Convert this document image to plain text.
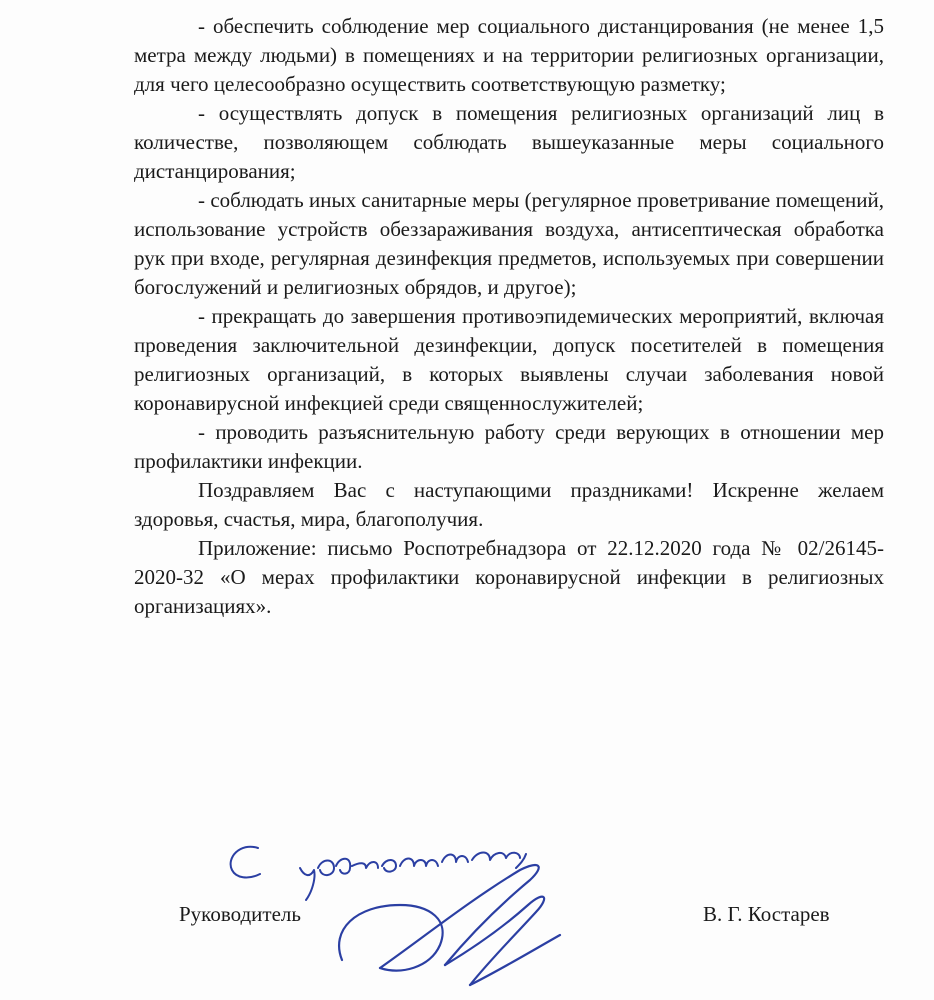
- обеспечить соблюдение мер социального дистанцирования (не менее 1,5 метра между людьми) в помещениях и на территории религиозных организации, для чего целесообразно осуществить соответствующую разметку;

- осуществлять допуск в помещения религиозных организаций лиц в количестве, позволяющем соблюдать вышеуказанные меры социального дистанцирования;

- соблюдать иных санитарные меры (регулярное проветривание помещений, использование устройств обеззараживания воздуха, антисептическая обработка рук при входе, регулярная дезинфекция предметов, используемых при совершении богослужений и религиозных обрядов, и другое);

- прекращать до завершения противоэпидемических мероприятий, включая проведения заключительной дезинфекции, допуск посетителей в помещения религиозных организаций, в которых выявлены случаи заболевания новой коронавирусной инфекцией среди священнослужителей;

- проводить разъяснительную работу среди верующих в отношении мер профилактики инфекции.

Поздравляем Вас с наступающими праздниками! Искренне желаем здоровья, счастья, мира, благополучия.

Приложение: письмо Роспотребнадзора от 22.12.2020 года № 02/26145-2020-32 «О мерах профилактики коронавирусной инфекции в религиозных организациях».

Руководитель	В. Г. Костарев
